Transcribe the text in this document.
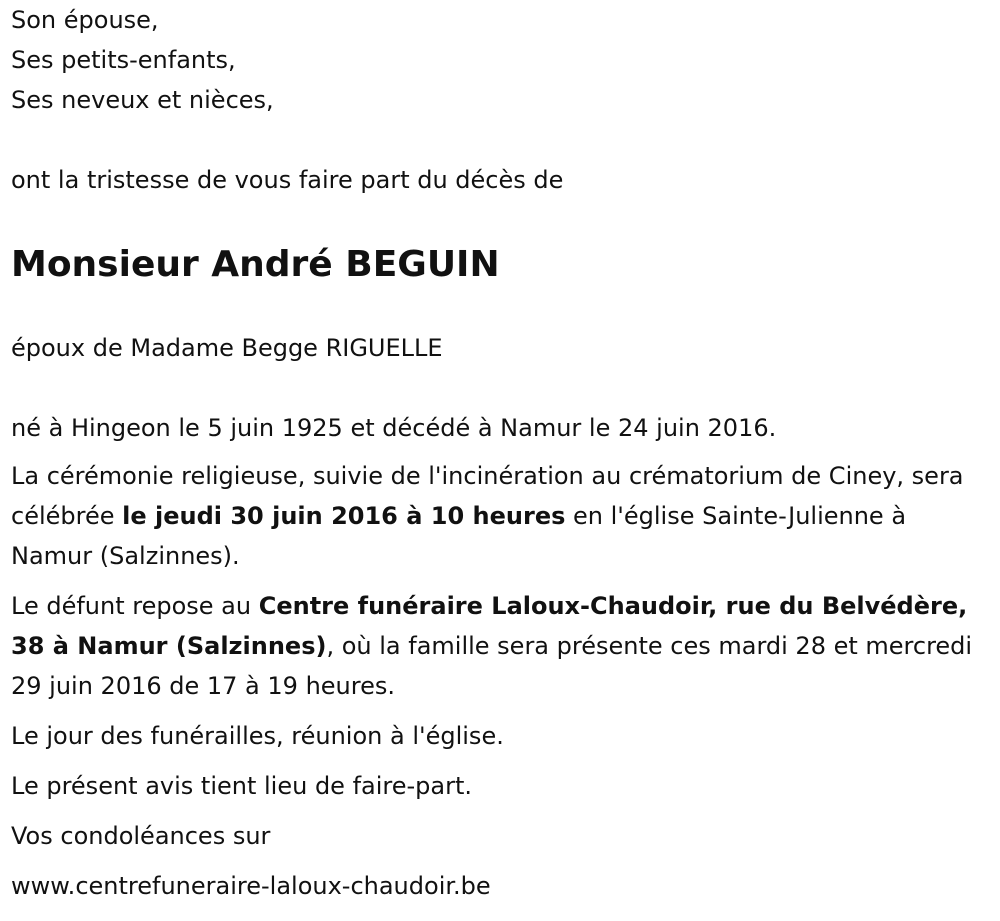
Son épouse,
Ses petits-enfants,
Ses neveux et nièces,
ont la tristesse de vous faire part du décès de
Monsieur André BEGUIN
époux de Madame Begge RIGUELLE
né à Hingeon le 5 juin 1925 et décédé à Namur le 24 juin 2016.

La cérémonie religieuse, suivie de l'incinération au crématorium de Ciney, sera célébrée le jeudi 30 juin 2016 à 10 heures en l'église Sainte-Julienne à Namur (Salzinnes).

Le défunt repose au Centre funéraire Laloux-Chaudoir, rue du Belvédère, 38 à Namur (Salzinnes), où la famille sera présente ces mardi 28 et mercredi 29 juin 2016 de 17 à 19 heures.

Le jour des funérailles, réunion à l'église.

Le présent avis tient lieu de faire-part.

Vos condoléances sur

www.centrefuneraire-laloux-chaudoir.be
